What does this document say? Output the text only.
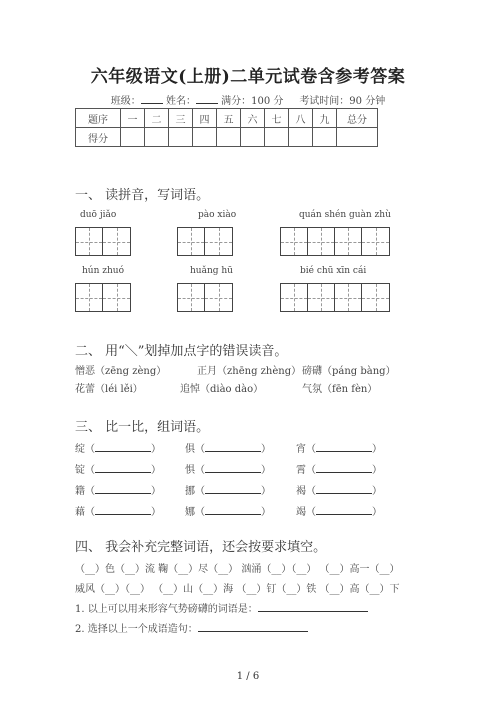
六年级语文(上册)二单元试卷含参考答案
班级：	姓名：	满分：100 分 考试时间：90 分钟
题序	一	二	三	四	五	六	七	八	九	总分
得分										
一、 读拼音，写词语。
duō jiǎo	pào xiào	quán shén guàn zhù
hún zhuó	huǎng hū	bié chū xīn cái
二、 用“＼”划掉加点字的错误读音。
憎恶（zēng zèng）	正月（zhēng zhèng） 磅礴（páng bàng）
花蕾（léi lěi）	追悼（diào dào）	气氛（fēn fèn）
三、 比一比，组词语。
绽（	） 俱（	）	宵（	）
锭（	） 惧（	）	霄（	）
籍（	） 挪（	）	褐（	）
藉（	） 娜（	）	竭（	）
四、 我会补充完整词语，还会按要求填空。
（__）色（__）流 鞠（__）尽（__） 汹涌（__）（__） （__）高一（__）
威风（__）（__） （__）山（__）海 （__）钉（__）铁 （__）高（__）下
1. 以上可以用来形容气势磅礴的词语是：
2. 选择以上一个成语造句：
1 / 6
